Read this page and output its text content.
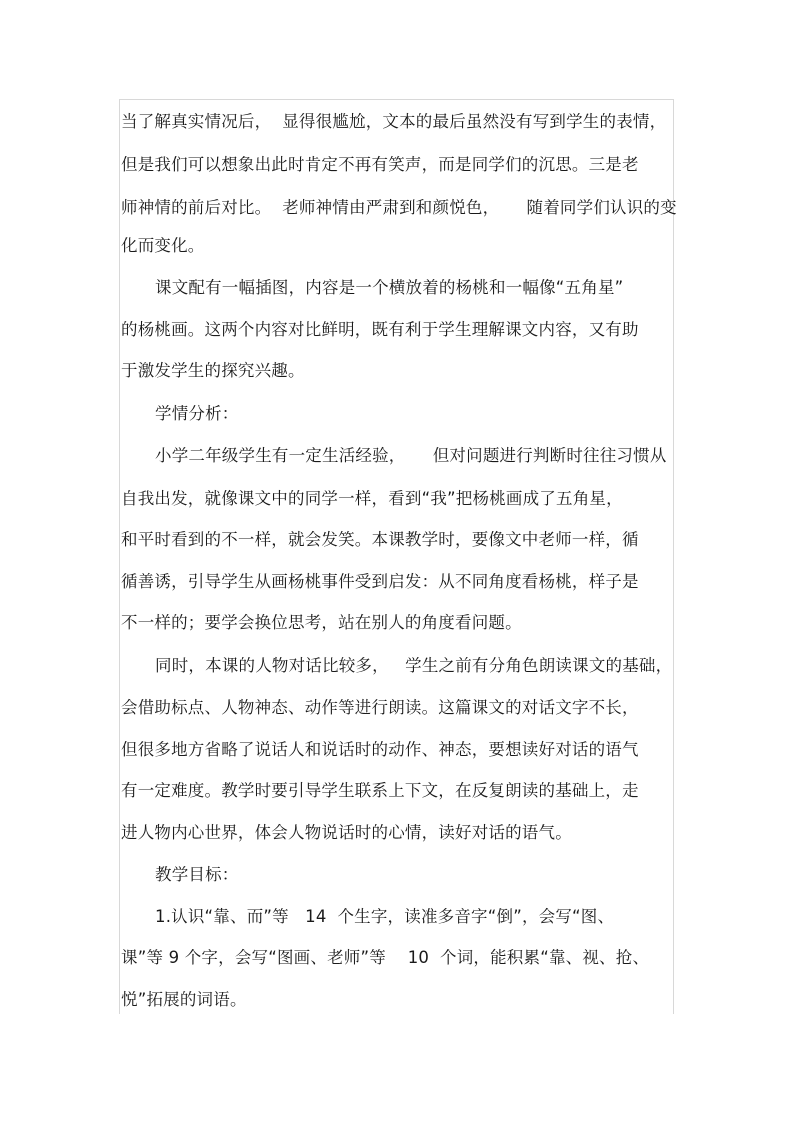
当了解真实情况后，  显得很尴尬，文本的最后虽然没有写到学生的表情，
但是我们可以想象出此时肯定不再有笑声，而是同学们的沉思。三是老
师神情的前后对比。  老师神情由严肃到和颜悦色，     随着同学们认识的变
化而变化。
课文配有一幅插图，内容是一个横放着的杨桃和一幅像“五角星”
的杨桃画。这两个内容对比鲜明，既有利于学生理解课文内容，又有助
于激发学生的探究兴趣。
学情分析：
小学二年级学生有一定生活经验，     但对问题进行判断时往往习惯从
自我出发，就像课文中的同学一样，看到“我”把杨桃画成了五角星，
和平时看到的不一样，就会发笑。本课教学时，要像文中老师一样，循
循善诱，引导学生从画杨桃事件受到启发：从不同角度看杨桃，样子是
不一样的；要学会换位思考，站在别人的角度看问题。
同时，本课的人物对话比较多，   学生之前有分角色朗读课文的基础，
会借助标点、人物神态、动作等进行朗读。这篇课文的对话文字不长，
但很多地方省略了说话人和说话时的动作、神态，要想读好对话的语气
有一定难度。教学时要引导学生联系上下文，在反复朗读的基础上，走
进人物内心世界，体会人物说话时的心情，读好对话的语气。
教学目标：
1.认识“靠、而”等   14  个生字，读准多音字“倒”，会写“图、
课”等 9 个字，会写“图画、老师”等    10  个词，能积累“靠、视、抢、
悦”拓展的词语。
